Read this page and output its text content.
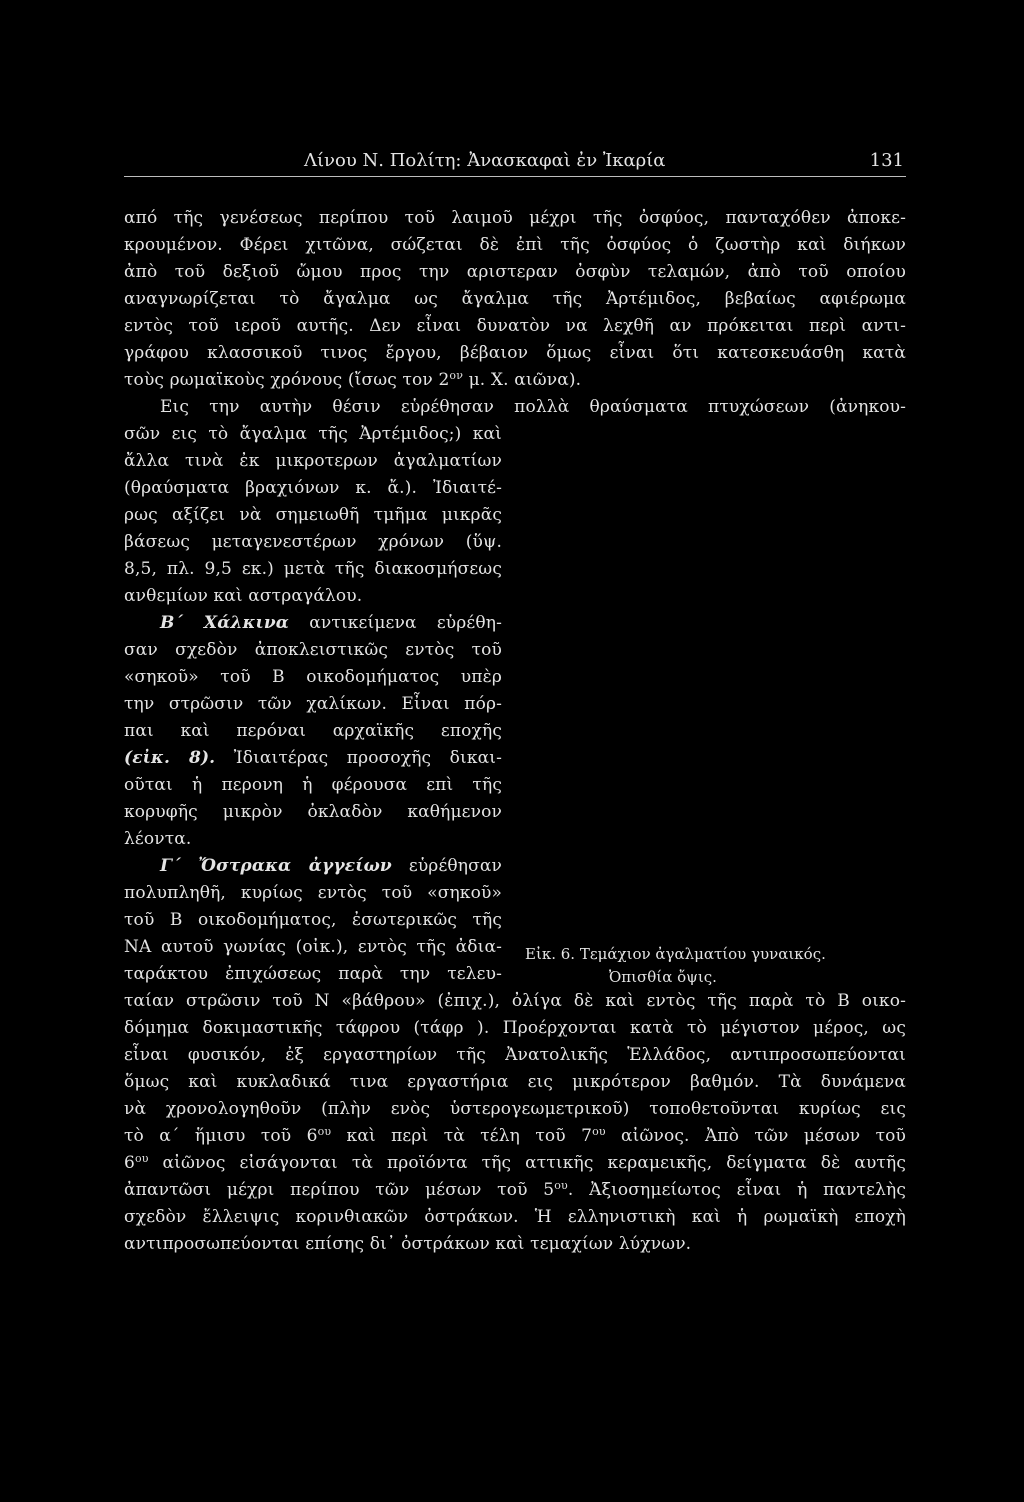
Λίνου Ν. Πολίτη: Ἀνασκαφαὶ ἐν Ἰκαρία	131
από τῆς γενέσεως περίπου τοῦ λαιμοῦ μέχρι τῆς ὀσφύος, πανταχόθεν ἀποκε-
κρουμένον. Φέρει χιτῶνα, σώζεται δὲ ἐπὶ τῆς ὀσφύος ὁ ζωστὴρ καὶ διήκων
ἀπὸ τοῦ δεξιοῦ ὤμου προς την αριστεραν ὀσφὺν τελαμών, ἀπὸ τοῦ οποίου
αναγνωρίζεται τὸ ἄγαλμα ως ἄγαλμα τῆς Ἀρτέμιδος, βεβαίως αφιέρωμα
εντὸς τοῦ ιεροῦ αυτῆς. Δεν εἶναι δυνατὸν να λεχθῆ αν πρόκειται περὶ αντι-
γράφου κλασσικοῦ τινος ἔργου, βέβαιον ὅμως εἶναι ὅτι κατεσκευάσθη κατὰ
τοὺς ρωμαϊκοὺς χρόνους (ἴσως τον $2^{o\nu}$ μ. Χ. αιῶνα).
Εις την αυτὴν θέσιν εὑρέθησαν πολλὰ θραύσματα πτυχώσεων (ἀνηκου-
σῶν εις τὸ ἄγαλμα τῆς Ἀρτέμιδος;) καὶ
ἄλλα τινὰ ἐκ μικροτερων ἀγαλματίων
(θραύσματα βραχιόνων κ. ἄ.). Ἰδιαιτέ-
ρως αξίζει νὰ σημειωθῆ τμῆμα μικρᾶς
βάσεως μεταγενεστέρων χρόνων (ὕψ.
8,5, πλ. 9,5 εκ.) μετὰ τῆς διακοσμήσεως
ανθεμίων καὶ αστραγάλου.
Β΄ Χάλκινα αντικείμενα εὑρέθη-
σαν σχεδὸν ἀποκλειστικῶς εντὸς τοῦ
«σηκοῦ» τοῦ Β οικοδομήματος υπὲρ
την στρῶσιν τῶν χαλίκων. Εἶναι πόρ-
παι καὶ περόναι αρχαϊκῆς εποχῆς
(εἰκ. 8). Ἰδιαιτέρας προσοχῆς δικαι-
οῦται ἡ περονη ἡ φέρουσα επὶ τῆς
κορυφῆς μικρὸν ὀκλαδὸν καθήμενον
λέοντα.
Γ΄ Ὄστρακα ἀγγείων εὑρέθησαν
πολυπληθῆ, κυρίως εντὸς τοῦ «σηκοῦ»
τοῦ Β οικοδομήματος, ἐσωτερικῶς τῆς
ΝΑ αυτοῦ γωνίας (οἰκ.), εντὸς τῆς ἀδια-
ταράκτου ἐπιχώσεως παρὰ την τελευ-
ταίαν στρῶσιν τοῦ Ν «βάθρου» (ἐπιχ.), ὀλίγα δὲ καὶ εντὸς τῆς παρὰ τὸ Β οικο-
δόμημα δοκιμαστικῆς τάφρου (τάφρ ). Προέρχονται κατὰ τὸ μέγιστον μέρος, ως
εἶναι φυσικόν, ἐξ εργαστηρίων τῆς Ἀνατολικῆς Ἑλλάδος, αντιπροσωπεύονται
ὅμως καὶ κυκλαδικά τινα εργαστήρια εις μικρότερον βαθμόν. Τὰ δυνάμενα
νὰ χρονολογηθοῦν (πλὴν ενὸς ὑστερογεωμετρικοῦ) τοποθετοῦνται κυρίως εις
τὸ α΄ ἥμισυ τοῦ $6^{o\upsilon}$ καὶ περὶ τὰ τέλη τοῦ $7^{o\upsilon}$ αἰῶνος. Ἀπὸ τῶν μέσων τοῦ
$6^{o\upsilon}$ αἰῶνος εἰσάγονται τὰ προϊόντα τῆς αττικῆς κεραμεικῆς, δείγματα δὲ αυτῆς
ἀπαντῶσι μέχρι περίπου τῶν μέσων τοῦ $5^{o\upsilon}$. Ἀξιοσημείωτος εἶναι ἡ παντελὴς
σχεδὸν ἔλλειψις κορινθιακῶν ὀστράκων. Ἡ ελληνιστικὴ καὶ ἡ ρωμαϊκὴ εποχὴ
αντιπροσωπεύονται επίσης δι᾽ ὀστράκων καὶ τεμαχίων λύχνων.
Εἰκ. 6. Τεμάχιον ἀγαλματίου γυναικός.
Ὀπισθία ὄψις.
